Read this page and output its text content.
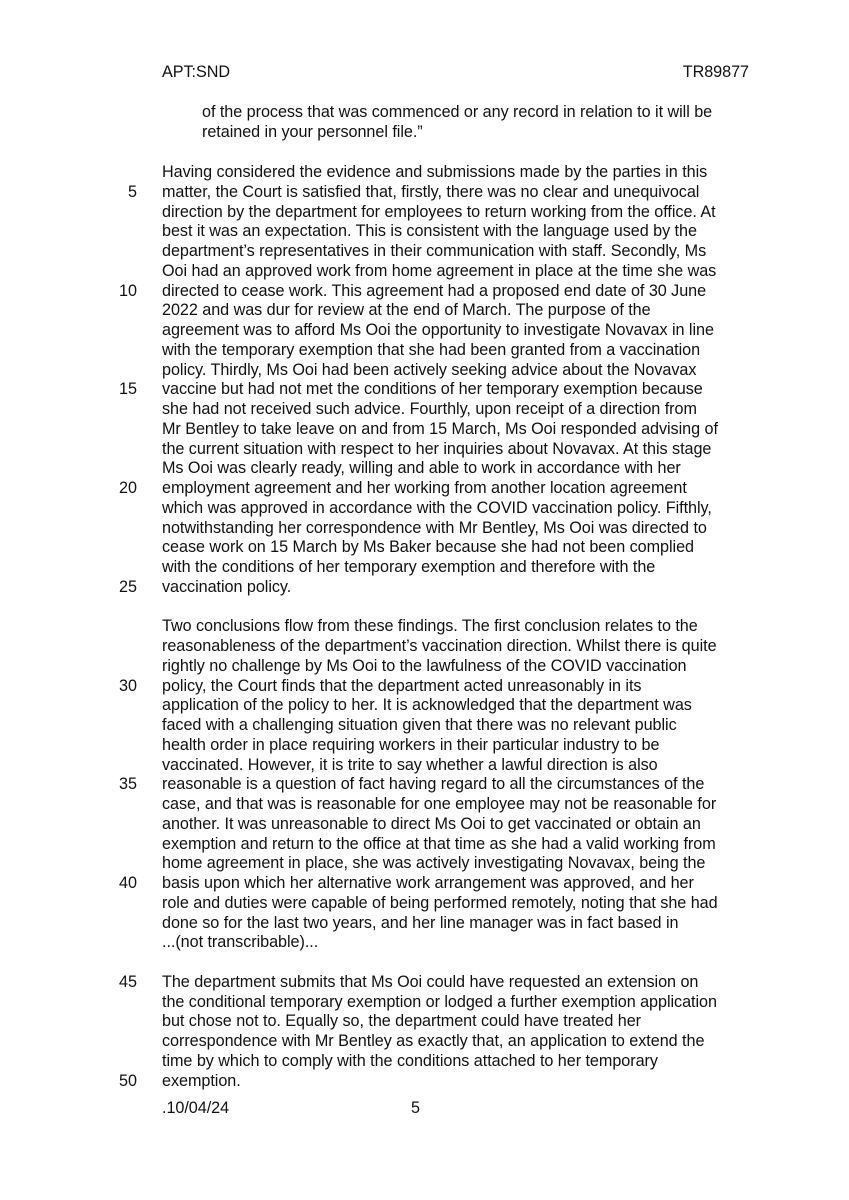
APT:SND	TR89877
of the process that was commenced or any record in relation to it will be
retained in your personnel file.”
Having considered the evidence and submissions made by the parties in this
5 matter, the Court is satisfied that, firstly, there was no clear and unequivocal
direction by the department for employees to return working from the office. At
best it was an expectation. This is consistent with the language used by the
department’s representatives in their communication with staff. Secondly, Ms
Ooi had an approved work from home agreement in place at the time she was
10 directed to cease work. This agreement had a proposed end date of 30 June
2022 and was dur for review at the end of March. The purpose of the
agreement was to afford Ms Ooi the opportunity to investigate Novavax in line
with the temporary exemption that she had been granted from a vaccination
policy. Thirdly, Ms Ooi had been actively seeking advice about the Novavax
15 vaccine but had not met the conditions of her temporary exemption because
she had not received such advice. Fourthly, upon receipt of a direction from
Mr Bentley to take leave on and from 15 March, Ms Ooi responded advising of
the current situation with respect to her inquiries about Novavax. At this stage
Ms Ooi was clearly ready, willing and able to work in accordance with her
20 employment agreement and her working from another location agreement
which was approved in accordance with the COVID vaccination policy. Fifthly,
notwithstanding her correspondence with Mr Bentley, Ms Ooi was directed to
cease work on 15 March by Ms Baker because she had not been complied
with the conditions of her temporary exemption and therefore with the
25 vaccination policy.
Two conclusions flow from these findings. The first conclusion relates to the
reasonableness of the department’s vaccination direction. Whilst there is quite
rightly no challenge by Ms Ooi to the lawfulness of the COVID vaccination
30 policy, the Court finds that the department acted unreasonably in its
application of the policy to her. It is acknowledged that the department was
faced with a challenging situation given that there was no relevant public
health order in place requiring workers in their particular industry to be
vaccinated. However, it is trite to say whether a lawful direction is also
35 reasonable is a question of fact having regard to all the circumstances of the
case, and that was is reasonable for one employee may not be reasonable for
another. It was unreasonable to direct Ms Ooi to get vaccinated or obtain an
exemption and return to the office at that time as she had a valid working from
home agreement in place, she was actively investigating Novavax, being the
40 basis upon which her alternative work arrangement was approved, and her
role and duties were capable of being performed remotely, noting that she had
done so for the last two years, and her line manager was in fact based in
...(not transcribable)...
45 The department submits that Ms Ooi could have requested an extension on
the conditional temporary exemption or lodged a further exemption application
but chose not to. Equally so, the department could have treated her
correspondence with Mr Bentley as exactly that, an application to extend the
time by which to comply with the conditions attached to her temporary
50 exemption.
.10/04/24	5
